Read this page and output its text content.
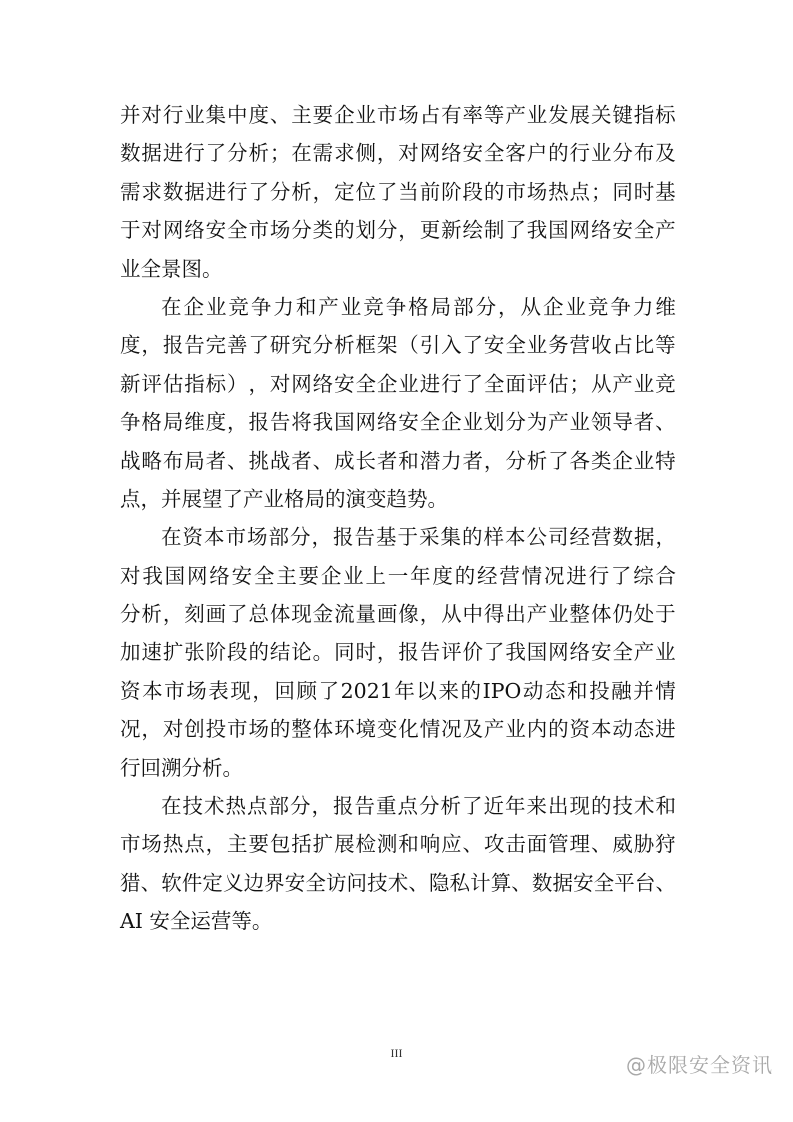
并 对 行 业 集 中 度 、 主 要 企 业 市 场 占 有 率 等 产 业 发 展 关 键 指 标
数 据 进 行 了 分 析 ； 在 需 求 侧 ， 对 网 络 安 全 客 户 的 行 业 分 布 及
需 求 数 据 进 行 了 分 析 ， 定 位 了 当 前 阶 段 的 市 场 热 点 ； 同 时 基
于 对 网 络 安 全 市 场 分 类 的 划 分 ， 更 新 绘 制 了 我 国 网 络 安 全 产
业全景图。
在 企 业 竞 争 力 和 产 业 竞 争 格 局 部 分 ， 从 企 业 竞 争 力 维
度 ， 报 告 完 善 了 研 究 分 析 框 架 （ 引 入 了 安 全 业 务 营 收 占 比 等
新 评 估 指 标 ） ， 对 网 络 安 全 企 业 进 行 了 全 面 评 估 ； 从 产 业 竞
争 格 局 维 度 ， 报 告 将 我 国 网 络 安 全 企 业 划 分 为 产 业 领 导 者 、
战 略 布 局 者 、 挑 战 者 、 成 长 者 和 潜 力 者 ， 分 析 了 各 类 企 业 特
点，并展望了产业格局的演变趋势。
在 资 本 市 场 部 分 ， 报 告 基 于 采 集 的 样 本 公 司 经 营 数 据 ，
对 我 国 网 络 安 全 主 要 企 业 上 一 年 度 的 经 营 情 况 进 行 了 综 合
分 析 ， 刻 画 了 总 体 现 金 流 量 画 像 ， 从 中 得 出 产 业 整 体 仍 处 于
加 速 扩 张 阶 段 的 结 论 。 同 时 ， 报 告 评 价 了 我 国 网 络 安 全 产 业
资 本 市 场 表 现 ， 回 顾 了 2021 年 以 来 的 IPO 动 态 和 投 融 并 情
况 ， 对 创 投 市 场 的 整 体 环 境 变 化 情 况 及 产 业 内 的 资 本 动 态 进
行回溯分析。
在 技 术 热 点 部 分 ， 报 告 重 点 分 析 了 近 年 来 出 现 的 技 术 和
市 场 热 点 ， 主 要 包 括 扩 展 检 测 和 响 应 、 攻 击 面 管 理 、 威 胁 狩
猎 、 软 件 定 义 边 界 安 全 访 问 技 术 、 隐 私 计 算 、 数 据 安 全 平 台 、
AI 安全运营等。
III	@极限安全资讯
